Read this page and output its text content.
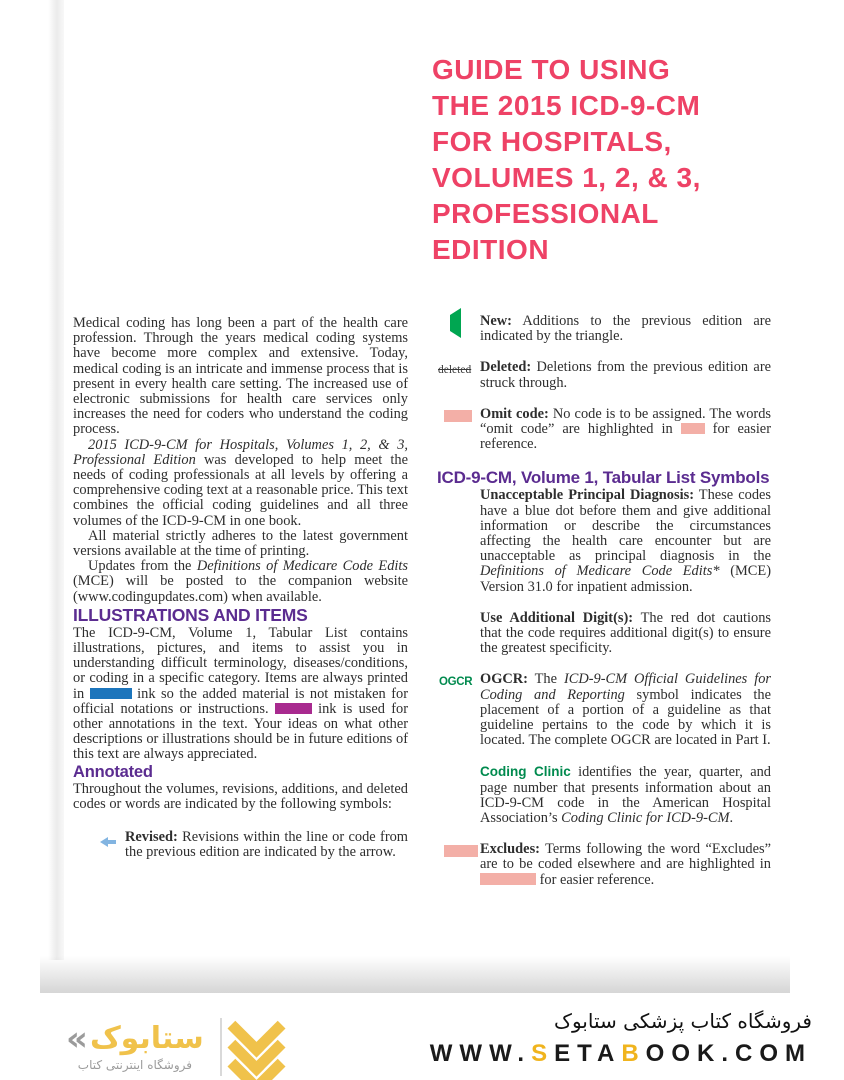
GUIDE TO USING
THE 2015 ICD-9-CM
FOR HOSPITALS,
VOLUMES 1, 2, & 3,
PROFESSIONAL
EDITION

Medical coding has long been a part of the health care profession. Through the years medical coding systems have become more complex and extensive. Today, medical coding is an intricate and immense process that is present in every health care setting. The increased use of electronic submissions for health care services only increases the need for coders who understand the coding process.

2015 ICD-9-CM for Hospitals, Volumes 1, 2, & 3, Professional Edition was developed to help meet the needs of coding professionals at all levels by offering a comprehensive coding text at a reasonable price. This text combines the official coding guidelines and all three volumes of the ICD-9-CM in one book.

All material strictly adheres to the latest government versions available at the time of printing.

Updates from the Definitions of Medicare Code Edits (MCE) will be posted to the companion website (www.codingupdates.com) when available.

ILLUSTRATIONS AND ITEMS

The ICD-9-CM, Volume 1, Tabular List contains illustrations, pictures, and items to assist you in understanding difficult terminology, diseases/conditions, or coding in a specific category. Items are always printed in	ink so the added material is not mistaken for official notations or instructions.	ink is used for other annotations in the text. Your ideas on what other descriptions or illustrations should be in future editions of this text are always appreciated.

Annotated

Throughout the volumes, revisions, additions, and deleted codes or words are indicated by the following symbols:

Revised: Revisions within the line or code from the previous edition are indicated by the arrow.
New: Additions to the previous edition are indicated by the triangle.
deleted Deleted: Deletions from the previous edition are struck through.
Omit code: No code is to be assigned. The words “omit code” are highlighted in  for easier reference.
ICD-9-CM, Volume 1, Tabular List Symbols
Unacceptable Principal Diagnosis: These codes have a blue dot before them and give additional information or describe the circumstances affecting the health care encounter but are unacceptable as principal diagnosis in the Definitions of Medicare Code Edits* (MCE) Version 31.0 for inpatient admission.
Use Additional Digit(s): The red dot cautions that the code requires additional digit(s) to ensure the greatest specificity.
OGCR OGCR: The ICD-9-CM Official Guidelines for Coding and Reporting symbol indicates the placement of a portion of a guideline as that guideline pertains to the code by which it is located. The complete OGCR are located in Part I.
Coding Clinic identifies the year, quarter, and page number that presents information about an ICD-9-CM code in the American Hospital Association’s Coding Clinic for ICD-9-CM.
Excludes: Terms following the word “Excludes” are to be coded elsewhere and are highlighted in  for easier reference.
«ستابوک
فروشگاه اینترنتی کتاب
فروشگاه کتاب پزشکی ستابوک
WWW.SETABOOK.COM
